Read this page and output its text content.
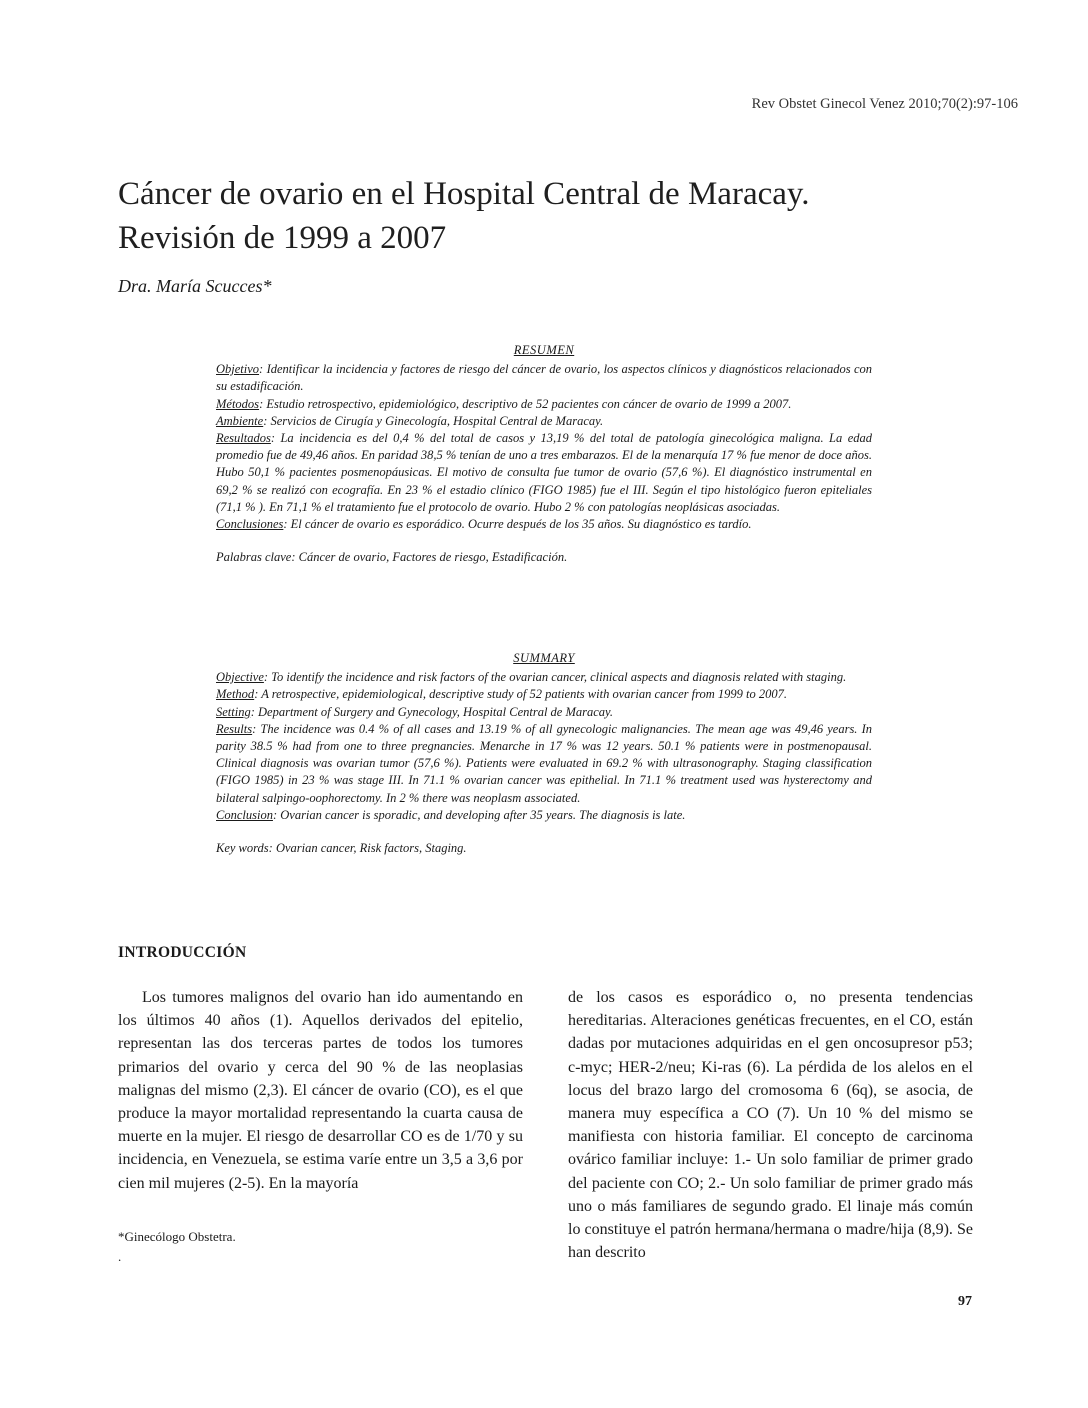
Rev Obstet Ginecol Venez 2010;70(2):97-106
Cáncer de ovario en el Hospital Central de Maracay.
Revisión de 1999 a 2007
Dra. María Scucces*

RESUMEN

Objetivo: Identificar la incidencia y factores de riesgo del cáncer de ovario, los aspectos clínicos y diagnósticos relacionados con su estadificación.

Métodos: Estudio retrospectivo, epidemiológico, descriptivo de 52 pacientes con cáncer de ovario de 1999 a 2007.

Ambiente: Servicios de Cirugía y Ginecología, Hospital Central de Maracay.

Resultados: La incidencia es del 0,4 % del total de casos y 13,19 % del total de patología ginecológica maligna. La edad promedio fue de 49,46 años. En paridad 38,5 % tenían de uno a tres embarazos. El de la menarquía 17 % fue menor de doce años. Hubo 50,1 % pacientes posmenopáusicas. El motivo de consulta fue tumor de ovario (57,6 %). El diagnóstico instrumental en 69,2 % se realizó con ecografía. En 23 % el estadio clínico (FIGO 1985) fue el III. Según el tipo histológico fueron epiteliales (71,1 % ). En 71,1 % el tratamiento fue el protocolo de ovario. Hubo 2 % con patologías neoplásicas asociadas.

Conclusiones: El cáncer de ovario es esporádico. Ocurre después de los 35 años. Su diagnóstico es tardío.

Palabras clave: Cáncer de ovario, Factores de riesgo, Estadificación.

SUMMARY

Objective: To identify the incidence and risk factors of the ovarian cancer, clinical aspects and diagnosis related with staging.

Method: A retrospective, epidemiological, descriptive study of 52 patients with ovarian cancer from 1999 to 2007.

Setting: Department of Surgery and Gynecology, Hospital Central de Maracay.

Results: The incidence was 0.4 % of all cases and 13.19 % of all gynecologic malignancies. The mean age was 49,46 years. In parity 38.5 % had from one to three pregnancies. Menarche in 17 % was 12 years. 50.1 % patients were in postmenopausal. Clinical diagnosis was ovarian tumor (57,6 %). Patients were evaluated in 69.2 % with ultrasonography. Staging classification (FIGO 1985) in 23 % was stage III. In 71.1 % ovarian cancer was epithelial. In 71.1 % treatment used was hysterectomy and bilateral salpingo-oophorectomy. In 2 % there was neoplasm associated.

Conclusion: Ovarian cancer is sporadic, and developing after 35 years. The diagnosis is late.

Key words: Ovarian cancer, Risk factors, Staging.

INTRODUCCIÓN

Los tumores malignos del ovario han ido aumentando en los últimos 40 años (1). Aquellos derivados del epitelio, representan las dos terceras partes de todos los tumores primarios del ovario y cerca del 90 % de las neoplasias malignas del mismo (2,3). El cáncer de ovario (CO), es el que produce la mayor mortalidad representando la cuarta causa de muerte en la mujer. El riesgo de desarrollar CO es de 1/70 y su incidencia, en Venezuela, se estima varíe entre un 3,5 a 3,6 por cien mil mujeres (2-5). En la mayoría

de los casos es esporádico o, no presenta tendencias hereditarias. Alteraciones genéticas frecuentes, en el CO, están dadas por mutaciones adquiridas en el gen oncosupresor p53; c-myc; HER-2/neu; Ki-ras (6). La pérdida de los alelos en el locus del brazo largo del cromosoma 6 (6q), se asocia, de manera muy específica a CO (7). Un 10 % del mismo se manifiesta con historia familiar. El concepto de carcinoma ovárico familiar incluye: 1.- Un solo familiar de primer grado del paciente con CO; 2.- Un solo familiar de primer grado más uno o más familiares de segundo grado. El linaje más común lo constituye el patrón hermana/hermana o madre/hija (8,9). Se han descrito

*Ginecólogo Obstetra.
.
97
